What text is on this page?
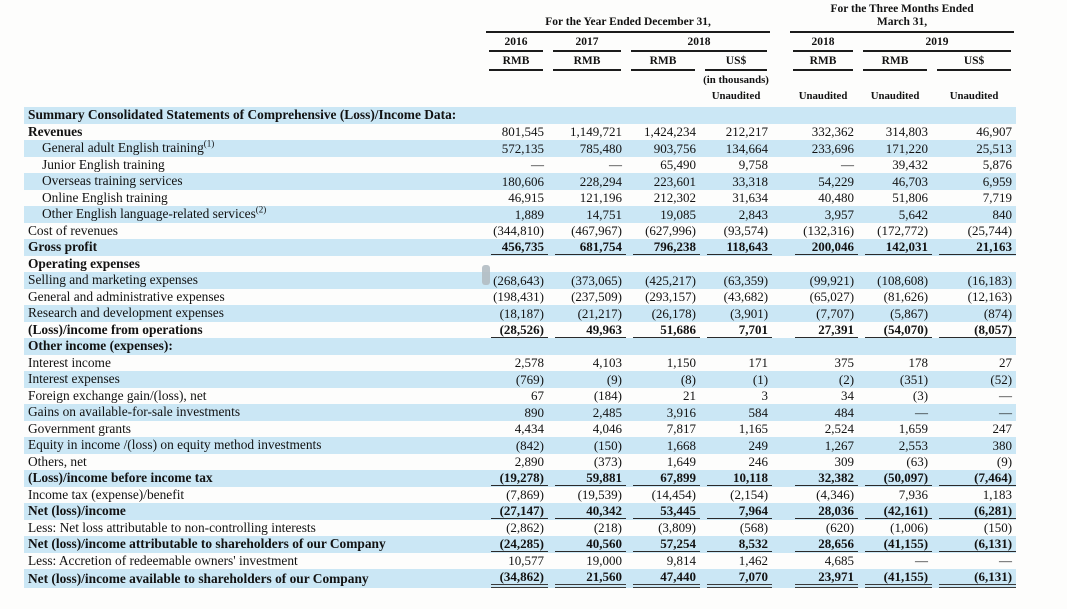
	For the Year Ended December 31,					For the Three Months Ended
March 31,		

	2016	2017	2018			2018	2019	

	RMB	RMB	RMB	US$		RMB	RMB	US$

				(in thousands)				

				Unaudited		Unaudited	Unaudited	Unaudited

Summary Consolidated Statements of Comprehensive (Loss)/Income Data:	

Revenues	801,545	1,149,721	1,424,234	212,217		332,362	314,803	46,907

General adult English training$^{(1)}$	572,135	785,480	903,756	134,664		233,696	171,220	25,513

Junior English training	—	—	65,490	9,758		—	39,432	5,876

Overseas training services	180,606	228,294	223,601	33,318		54,229	46,703	6,959

Online English training	46,915	121,196	212,302	31,634		40,480	51,806	7,719

Other English language-related services$^{(2)}$	1,889	14,751	19,085	2,843		3,957	5,642	840

Cost of revenues	(344,810)	(467,967)	(627,996)	(93,574)		(132,316)	(172,772)	(25,744)

Gross profit	456,735	681,754	796,238	118,643		200,046	142,031	21,163

Operating expenses	

Selling and marketing expenses	(268,643)	(373,065)	(425,217)	(63,359)		(99,921)	(108,608)	(16,183)

General and administrative expenses	(198,431)	(237,509)	(293,157)	(43,682)		(65,027)	(81,626)	(12,163)

Research and development expenses	(18,187)	(21,217)	(26,178)	(3,901)		(7,707)	(5,867)	(874)

(Loss)/income from operations	(28,526)	49,963	51,686	7,701		27,391	(54,070)	(8,057)

Other income (expenses):	

Interest income	2,578	4,103	1,150	171		375	178	27

Interest expenses	(769)	(9)	(8)	(1)		(2)	(351)	(52)

Foreign exchange gain/(loss), net	67	(184)	21	3		34	(3)	—

Gains on available-for-sale investments	890	2,485	3,916	584		484	—	—

Government grants	4,434	4,046	7,817	1,165		2,524	1,659	247

Equity in income /(loss) on equity method investments	(842)	(150)	1,668	249		1,267	2,553	380

Others, net	2,890	(373)	1,649	246		309	(63)	(9)

(Loss)/income before income tax	(19,278)	59,881	67,899	10,118		32,382	(50,097)	(7,464)

Income tax (expense)/benefit	(7,869)	(19,539)	(14,454)	(2,154)		(4,346)	7,936	1,183

Net (loss)/income	(27,147)	40,342	53,445	7,964		28,036	(42,161)	(6,281)

Less: Net loss attributable to non-controlling interests	(2,862)	(218)	(3,809)	(568)		(620)	(1,006)	(150)

Net (loss)/income attributable to shareholders of our Company	(24,285)	40,560	57,254	8,532		28,656	(41,155)	(6,131)

Less: Accretion of redeemable owners' investment	10,577	19,000	9,814	1,462		4,685	—	—

Net (loss)/income available to shareholders of our Company	(34,862)	21,560	47,440	7,070		23,971	(41,155)	(6,131)
